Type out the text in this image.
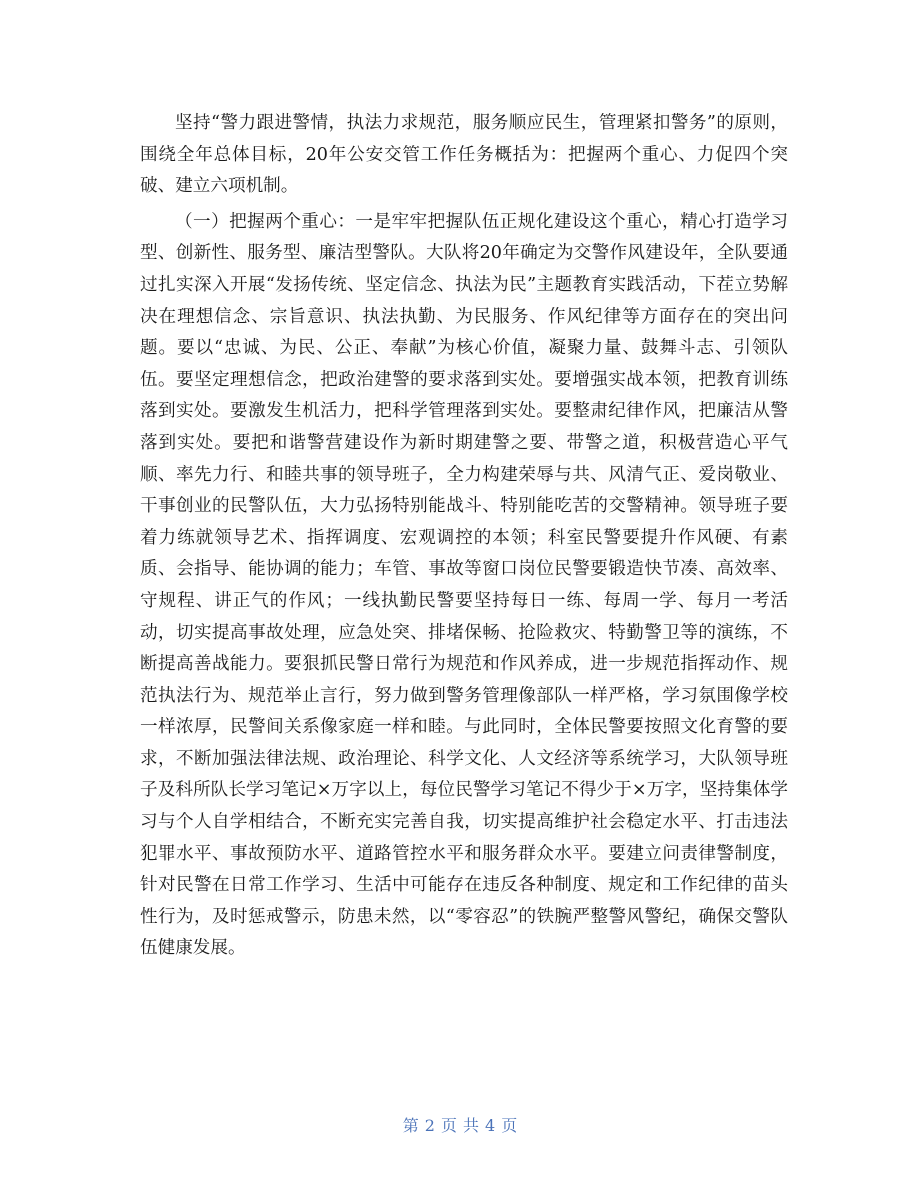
坚持“警力跟进警情，执法力求规范，服务顺应民生，管理紧扣警务”的原则，围绕全年总体目标，20年公安交管工作任务概括为：把握两个重心、力促四个突破、建立六项机制。

（一）把握两个重心：一是牢牢把握队伍正规化建设这个重心，精心打造学习型、创新性、服务型、廉洁型警队。大队将20年确定为交警作风建设年，全队要通过扎实深入开展“发扬传统、坚定信念、执法为民”主题教育实践活动，下茬立势解决在理想信念、宗旨意识、执法执勤、为民服务、作风纪律等方面存在的突出问题。要以“忠诚、为民、公正、奉献”为核心价值，凝聚力量、鼓舞斗志、引领队伍。要坚定理想信念，把政治建警的要求落到实处。要增强实战本领，把教育训练落到实处。要激发生机活力，把科学管理落到实处。要整肃纪律作风，把廉洁从警落到实处。要把和谐警营建设作为新时期建警之要、带警之道，积极营造心平气顺、率先力行、和睦共事的领导班子，全力构建荣辱与共、风清气正、爱岗敬业、干事创业的民警队伍，大力弘扬特别能战斗、特别能吃苦的交警精神。领导班子要着力练就领导艺术、指挥调度、宏观调控的本领；科室民警要提升作风硬、有素质、会指导、能协调的能力；车管、事故等窗口岗位民警要锻造快节凑、高效率、守规程、讲正气的作风；一线执勤民警要坚持每日一练、每周一学、每月一考活动，切实提高事故处理，应急处突、排堵保畅、抢险救灾、特勤警卫等的演练，不断提高善战能力。要狠抓民警日常行为规范和作风养成，进一步规范指挥动作、规范执法行为、规范举止言行，努力做到警务管理像部队一样严格，学习氛围像学校一样浓厚，民警间关系像家庭一样和睦。与此同时，全体民警要按照文化育警的要求，不断加强法律法规、政治理论、科学文化、人文经济等系统学习，大队领导班子及科所队长学习笔记×万字以上，每位民警学习笔记不得少于×万字，坚持集体学习与个人自学相结合，不断充实完善自我，切实提高维护社会稳定水平、打击违法犯罪水平、事故预防水平、道路管控水平和服务群众水平。要建立问责律警制度，针对民警在日常工作学习、生活中可能存在违反各种制度、规定和工作纪律的苗头性行为，及时惩戒警示，防患未然，以“零容忍”的铁腕严整警风警纪，确保交警队伍健康发展。

第 2 页 共 4 页
